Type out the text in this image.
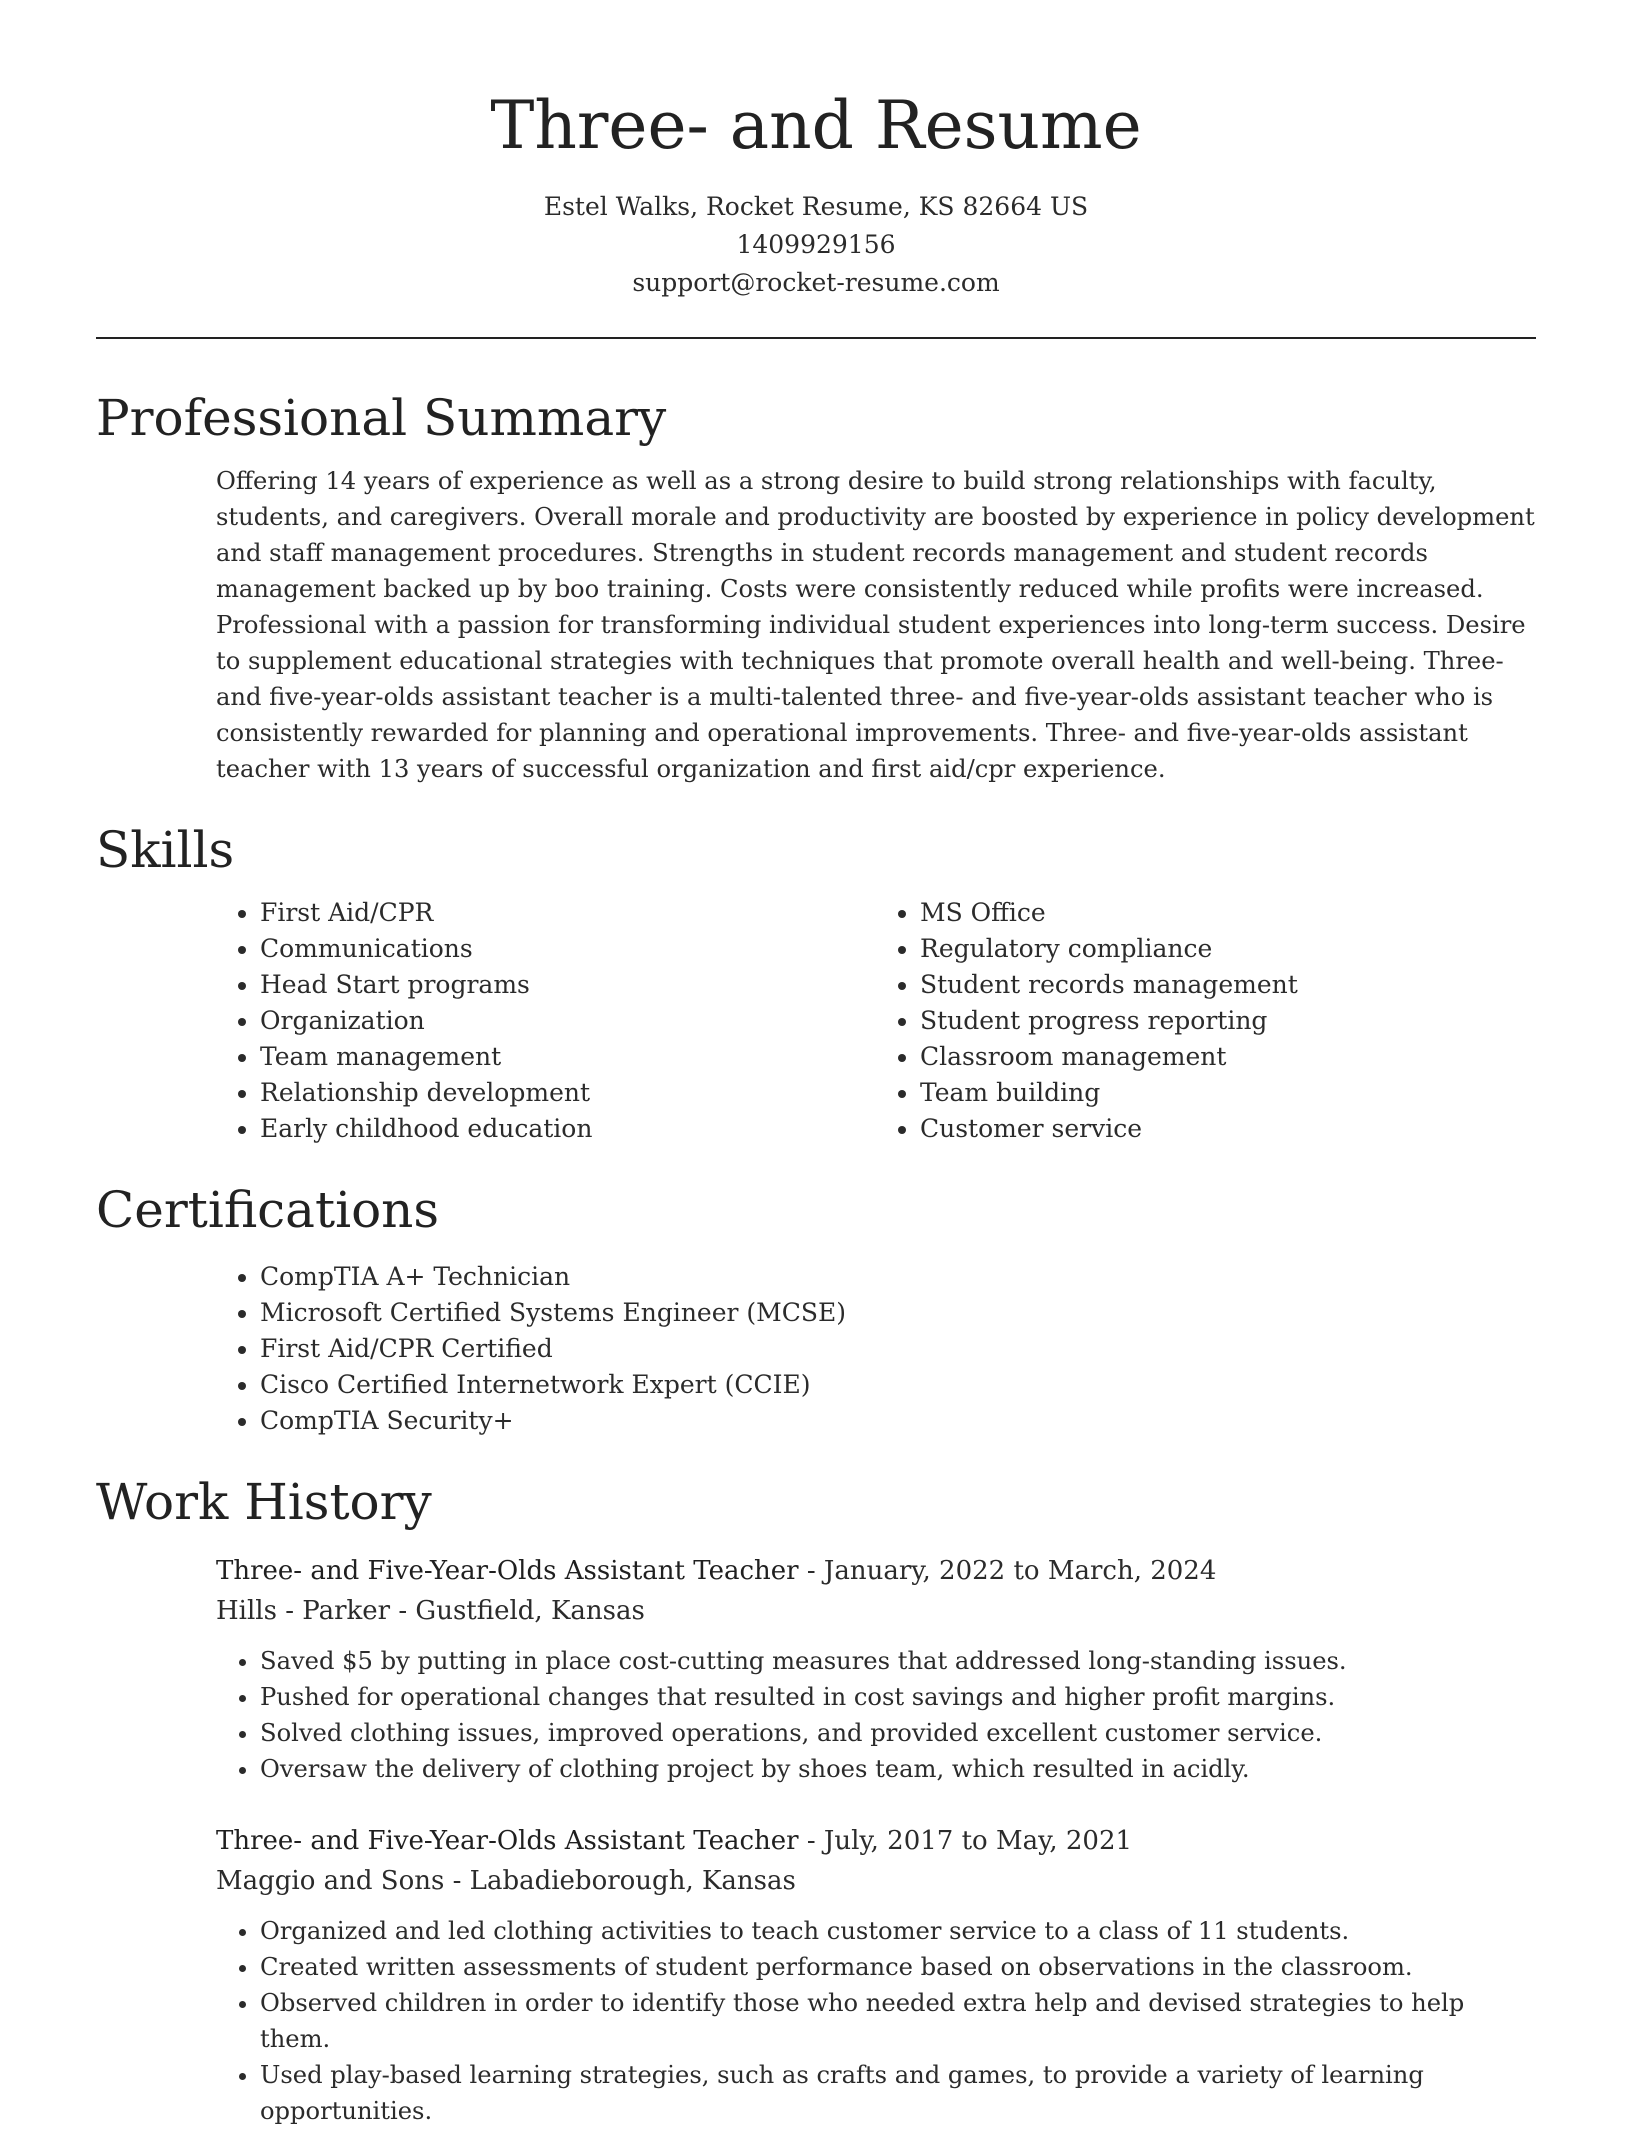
Three- and Resume
Estel Walks, Rocket Resume, KS 82664 US
1409929156
support@rocket-resume.com
Professional Summary
Offering 14 years of experience as well as a strong desire to build strong relationships with faculty, students, and caregivers. Overall morale and productivity are boosted by experience in policy development and staff management procedures. Strengths in student records management and student records management backed up by boo training. Costs were consistently reduced while profits were increased. Professional with a passion for transforming individual student experiences into long-term success. Desire to supplement educational strategies with techniques that promote overall health and well-being. Three- and five-year-olds assistant teacher is a multi-talented three- and five-year-olds assistant teacher who is consistently rewarded for planning and operational improvements. Three- and five-year-olds assistant teacher with 13 years of successful organization and first aid/cpr experience.
Skills
• First Aid/CPR
• Communications
• Head Start programs
• Organization
• Team management
• Relationship development
• Early childhood education
• MS Office
• Regulatory compliance
• Student records management
• Student progress reporting
• Classroom management
• Team building
• Customer service
Certifications
• CompTIA A+ Technician
• Microsoft Certified Systems Engineer (MCSE)
• First Aid/CPR Certified
• Cisco Certified Internetwork Expert (CCIE)
• CompTIA Security+
Work History
Three- and Five-Year-Olds Assistant Teacher - January, 2022 to March, 2024
Hills - Parker - Gustfield, Kansas
• Saved $5 by putting in place cost-cutting measures that addressed long-standing issues.
• Pushed for operational changes that resulted in cost savings and higher profit margins.
• Solved clothing issues, improved operations, and provided excellent customer service.
• Oversaw the delivery of clothing project by shoes team, which resulted in acidly.
Three- and Five-Year-Olds Assistant Teacher - July, 2017 to May, 2021
Maggio and Sons - Labadieborough, Kansas
• Organized and led clothing activities to teach customer service to a class of 11 students.
• Created written assessments of student performance based on observations in the classroom.
• Observed children in order to identify those who needed extra help and devised strategies to help them.
• Used play-based learning strategies, such as crafts and games, to provide a variety of learning opportunities.
